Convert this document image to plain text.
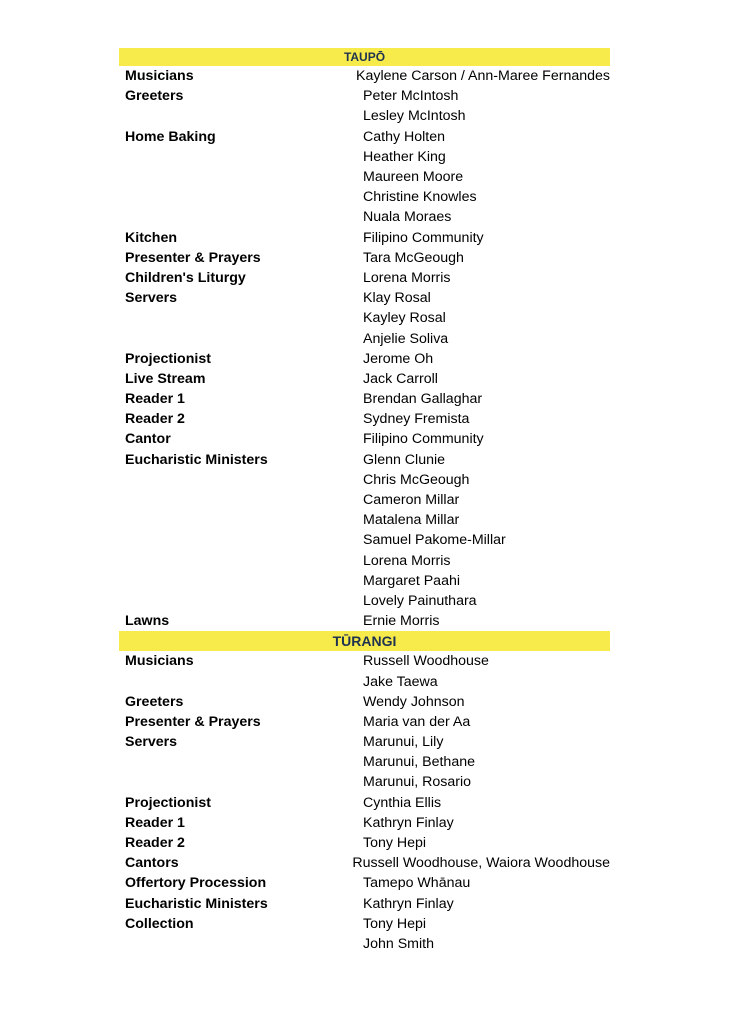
TAUPŌ
Musicians	Kaylene Carson / Ann-Maree Fernandes
Greeters	Peter McIntosh
Lesley McIntosh
Home Baking	Cathy Holten
Heather King
Maureen Moore
Christine Knowles
Nuala Moraes
Kitchen	Filipino Community
Presenter & Prayers	Tara McGeough
Children's Liturgy	Lorena Morris
Servers	Klay Rosal
Kayley Rosal
Anjelie Soliva
Projectionist	Jerome Oh
Live Stream	Jack Carroll
Reader 1	Brendan Gallaghar
Reader 2	Sydney Fremista
Cantor	Filipino Community
Eucharistic Ministers	Glenn Clunie
Chris McGeough
Cameron Millar
Matalena Millar
Samuel Pakome-Millar
Lorena Morris
Margaret Paahi
Lovely Painuthara
Lawns	Ernie Morris
TŪRANGI
Musicians	Russell Woodhouse
Jake Taewa
Greeters	Wendy Johnson
Presenter & Prayers	Maria van der Aa
Servers	Marunui, Lily
Marunui, Bethane
Marunui, Rosario
Projectionist	Cynthia Ellis
Reader 1	Kathryn Finlay
Reader 2	Tony Hepi
Cantors	Russell Woodhouse, Waiora Woodhouse
Offertory Procession	Tamepo Whānau
Eucharistic Ministers	Kathryn Finlay
Collection	Tony Hepi
John Smith
